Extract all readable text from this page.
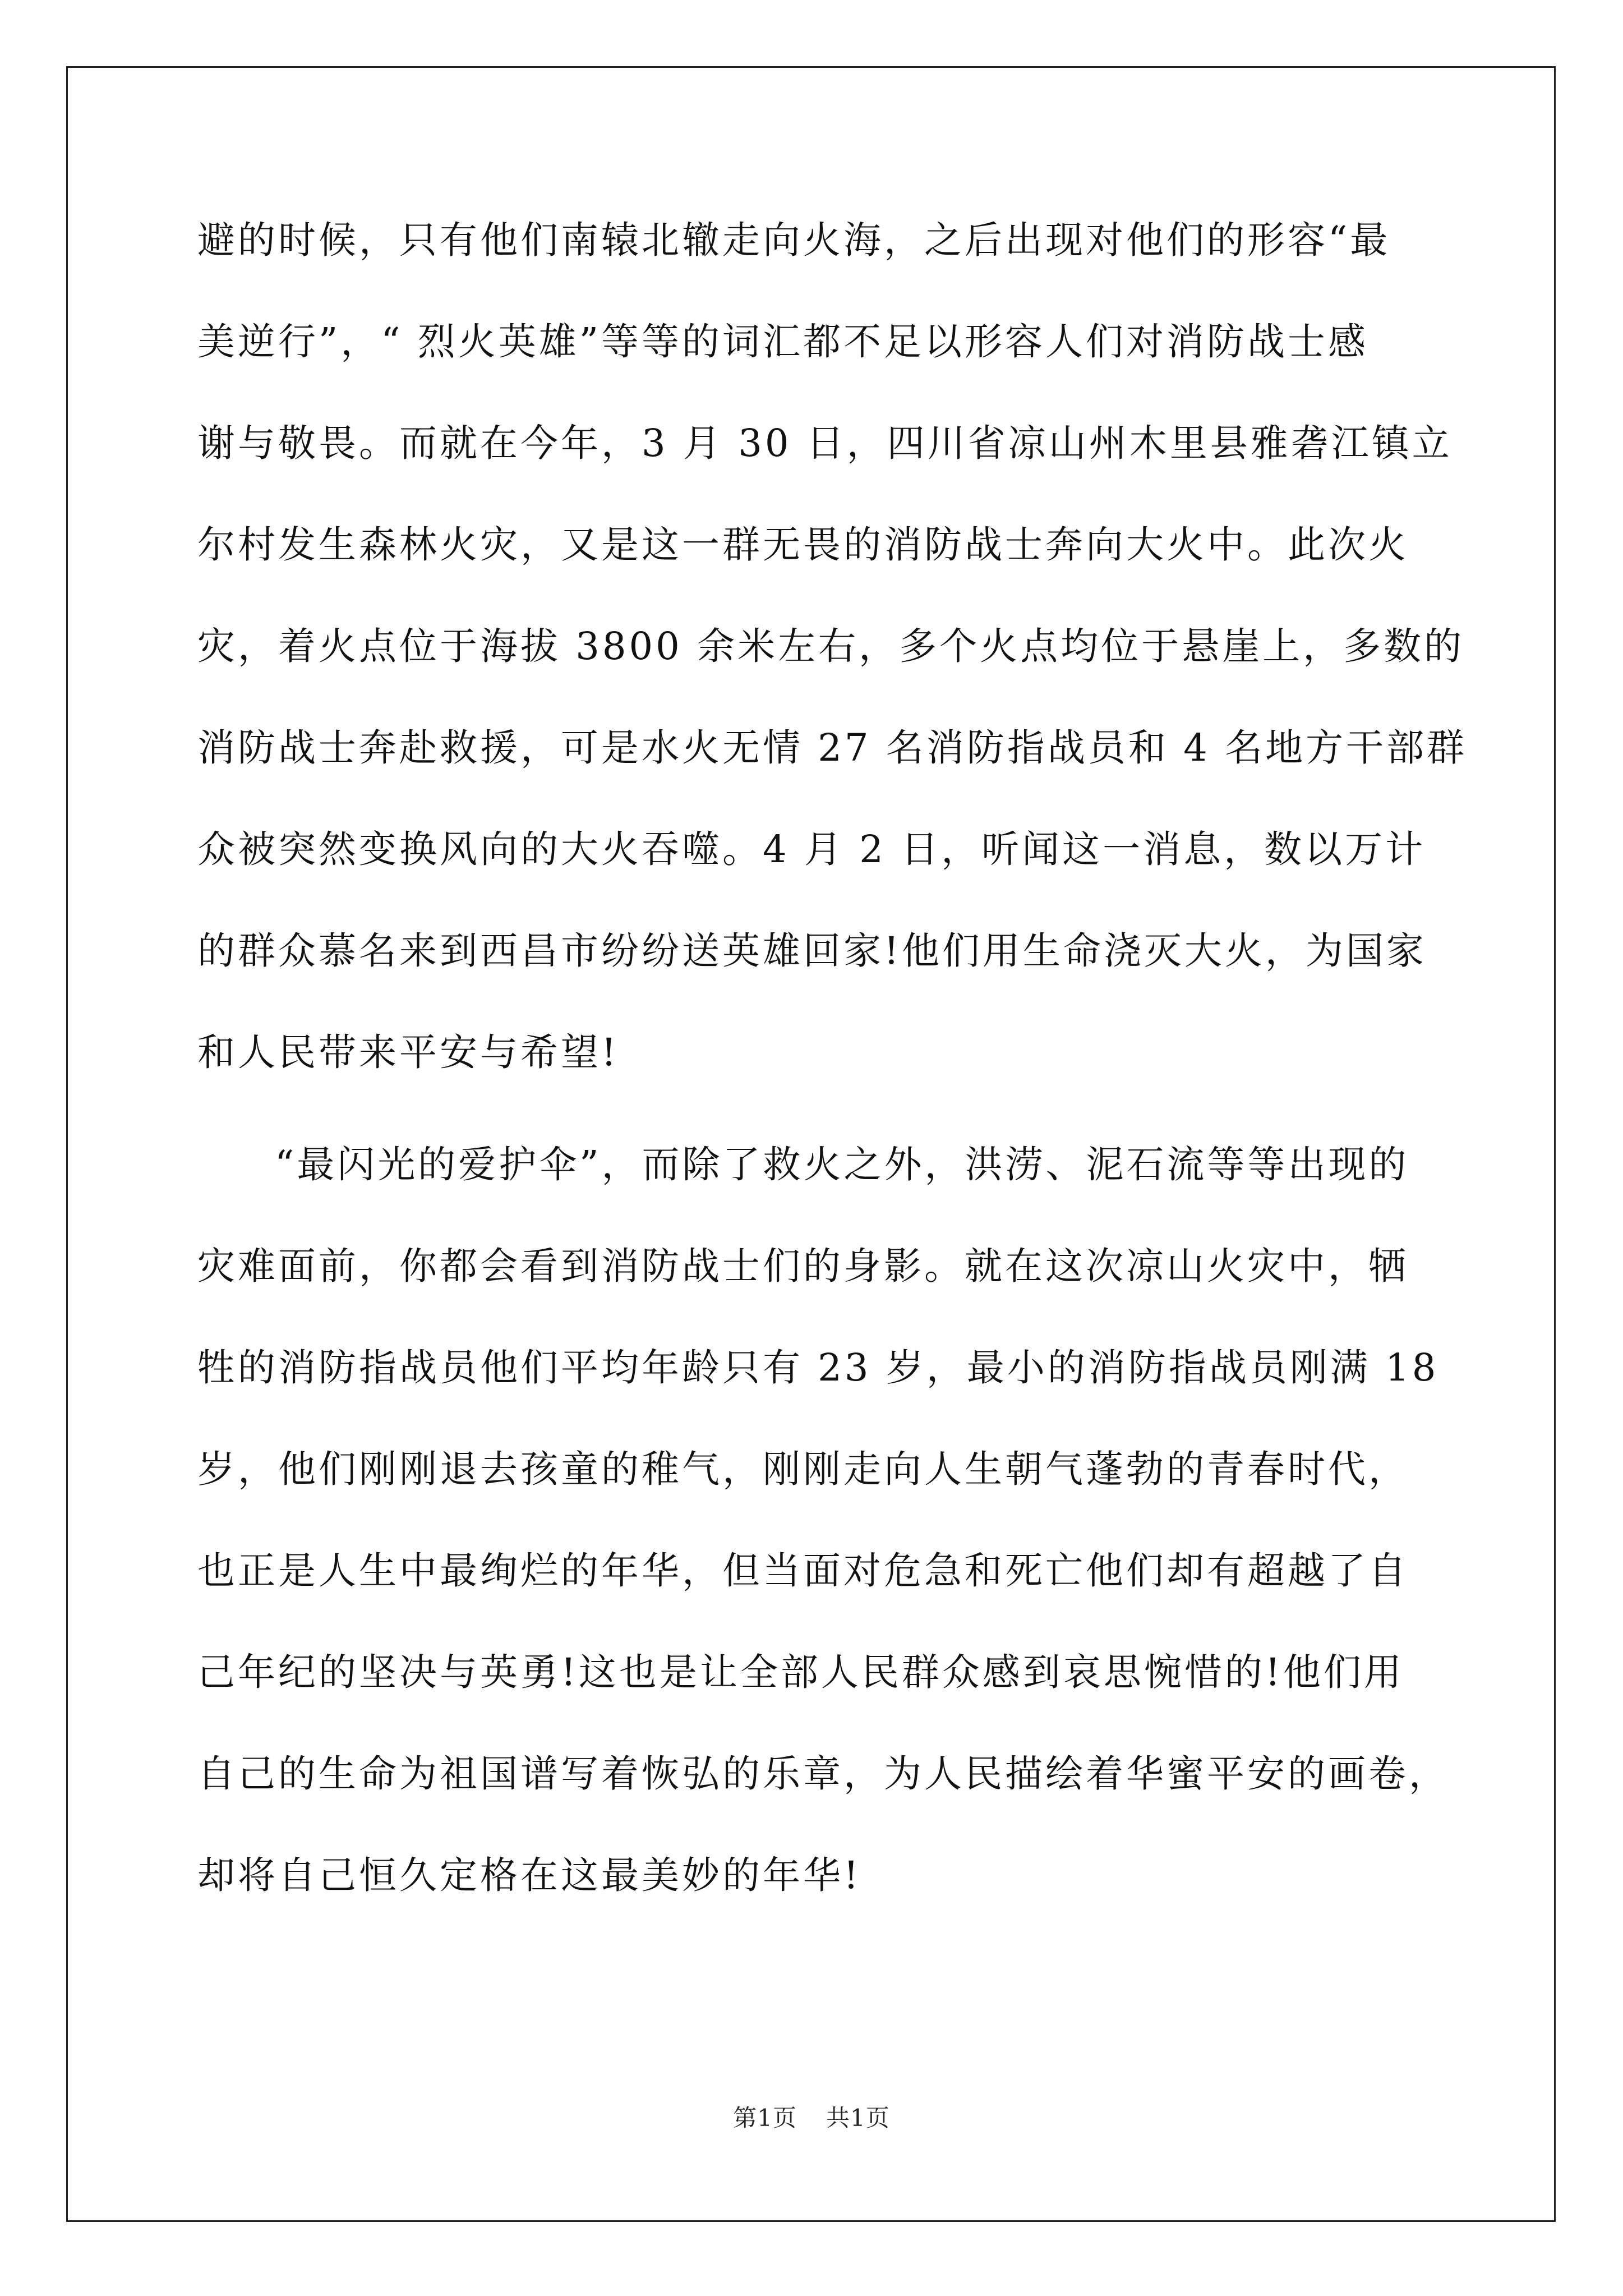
避的时候，只有他们南辕北辙走向火海，之后出现对他们的形容“最
美逆行”，“ 烈火英雄”等等的词汇都不足以形容人们对消防战士感
谢与敬畏。而就在今年，3 月 30 日，四川省凉山州木里县雅砻江镇立
尔村发生森林火灾，又是这一群无畏的消防战士奔向大火中。此次火
灾，着火点位于海拔 3800 余米左右，多个火点均位于悬崖上，多数的
消防战士奔赴救援，可是水火无情 27 名消防指战员和 4 名地方干部群
众被突然变换风向的大火吞噬。4 月 2 日，听闻这一消息，数以万计
的群众慕名来到西昌市纷纷送英雄回家!他们用生命浇灭大火，为国家
和人民带来平安与希望!
“最闪光的爱护伞”，而除了救火之外，洪涝、泥石流等等出现的
灾难面前，你都会看到消防战士们的身影。就在这次凉山火灾中，牺
牲的消防指战员他们平均年龄只有 23 岁，最小的消防指战员刚满 18
岁，他们刚刚退去孩童的稚气，刚刚走向人生朝气蓬勃的青春时代，
也正是人生中最绚烂的年华，但当面对危急和死亡他们却有超越了自
己年纪的坚决与英勇!这也是让全部人民群众感到哀思惋惜的!他们用
自己的生命为祖国谱写着恢弘的乐章，为人民描绘着华蜜平安的画卷，
却将自己恒久定格在这最美妙的年华!
第1页 共1页
